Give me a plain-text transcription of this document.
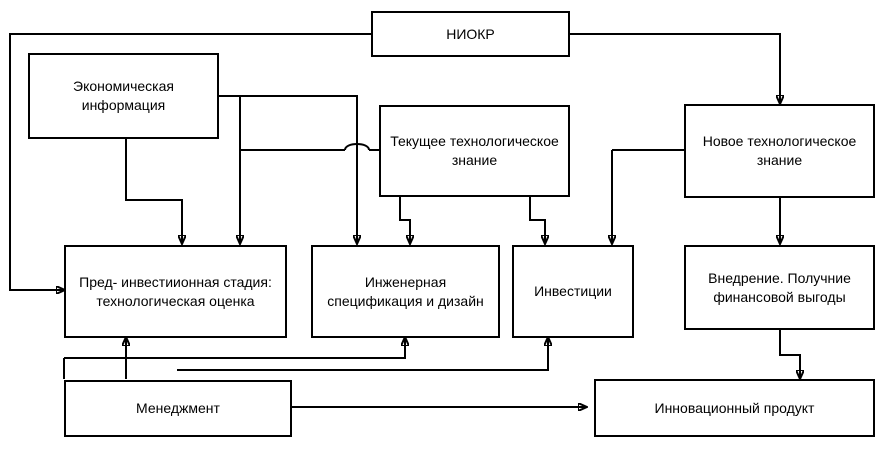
НИОКР
Экономическая информация
Текущее технологическое знание
Новое технологическое знание
Пред- инвестиионная стадия: технологическая оценка
Инженерная спецификация и дизайн
Инвестиции
Внедрение. Получние финансовой выгоды
Менеджмент	Инновационный продукт
